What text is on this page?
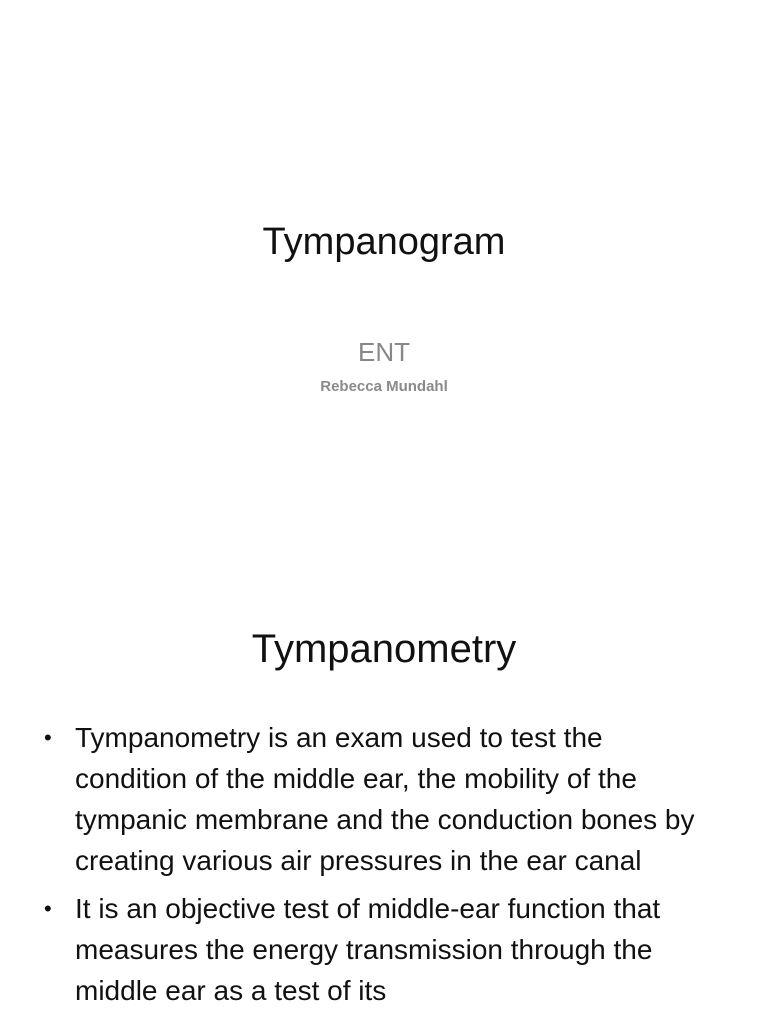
Tympanogram

ENT

Rebecca Mundahl

Tympanometry
• Tympanometry is an exam used to test the condition of the middle ear, the mobility of the tympanic membrane and the conduction bones by creating various air pressures in the ear canal
• It is an objective test of middle-ear function that measures the energy transmission through the middle ear as a test of its
